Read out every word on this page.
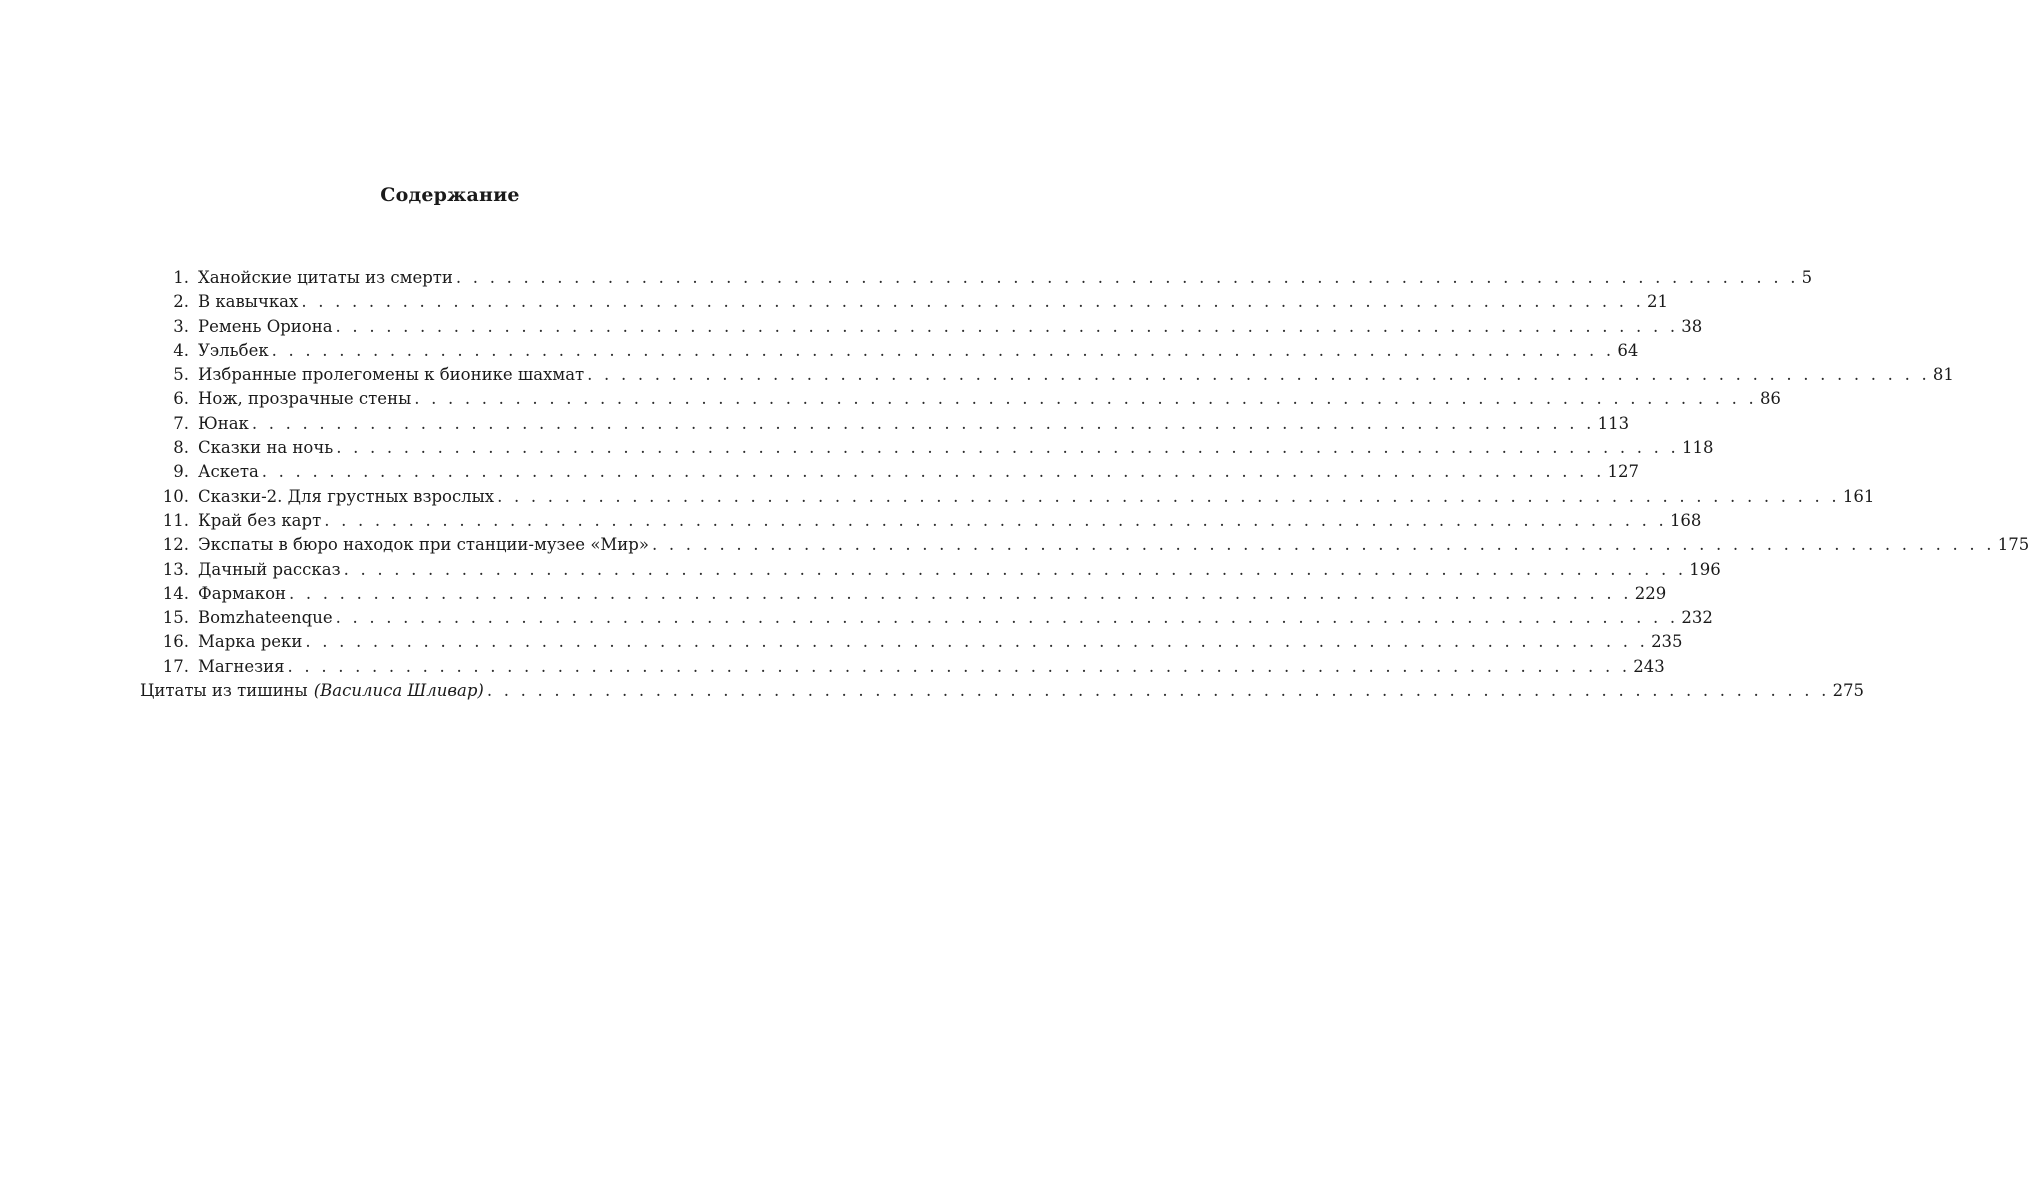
Содержание
1. Ханойские цитаты из смерти . . . . . . . . . . . . . . . . . . . . . . . . . . . . . . . . . . . . . . . . . . . . . . . . . . . . . . . . . . . . . . . . . . . . . . . . . . . . . . . . 5
2. В кавычках . . . . . . . . . . . . . . . . . . . . . . . . . . . . . . . . . . . . . . . . . . . . . . . . . . . . . . . . . . . . . . . . . . . . . . . . . . . . . . . . 21
3. Ремень Ориона . . . . . . . . . . . . . . . . . . . . . . . . . . . . . . . . . . . . . . . . . . . . . . . . . . . . . . . . . . . . . . . . . . . . . . . . . . . . . . . . 38
4. Уэльбек . . . . . . . . . . . . . . . . . . . . . . . . . . . . . . . . . . . . . . . . . . . . . . . . . . . . . . . . . . . . . . . . . . . . . . . . . . . . . . . . 64
5. Избранные пролегомены к бионике шахмат . . . . . . . . . . . . . . . . . . . . . . . . . . . . . . . . . . . . . . . . . . . . . . . . . . . . . . . . . . . . . . . . . . . . . . . . . . . . . . . . 81
6. Нож, прозрачные стены . . . . . . . . . . . . . . . . . . . . . . . . . . . . . . . . . . . . . . . . . . . . . . . . . . . . . . . . . . . . . . . . . . . . . . . . . . . . . . . . 86
7. Юнак . . . . . . . . . . . . . . . . . . . . . . . . . . . . . . . . . . . . . . . . . . . . . . . . . . . . . . . . . . . . . . . . . . . . . . . . . . . . . . . . 113
8. Сказки на ночь . . . . . . . . . . . . . . . . . . . . . . . . . . . . . . . . . . . . . . . . . . . . . . . . . . . . . . . . . . . . . . . . . . . . . . . . . . . . . . . . 118
9. Аскета . . . . . . . . . . . . . . . . . . . . . . . . . . . . . . . . . . . . . . . . . . . . . . . . . . . . . . . . . . . . . . . . . . . . . . . . . . . . . . . . 127
10. Сказки-2. Для грустных взрослых . . . . . . . . . . . . . . . . . . . . . . . . . . . . . . . . . . . . . . . . . . . . . . . . . . . . . . . . . . . . . . . . . . . . . . . . . . . . . . . . 161
11. Край без карт . . . . . . . . . . . . . . . . . . . . . . . . . . . . . . . . . . . . . . . . . . . . . . . . . . . . . . . . . . . . . . . . . . . . . . . . . . . . . . . . 168
12. Экспаты в бюро находок при станции-музее «Мир» . . . . . . . . . . . . . . . . . . . . . . . . . . . . . . . . . . . . . . . . . . . . . . . . . . . . . . . . . . . . . . . . . . . . . . . . . . . . . . . . 175
13. Дачный рассказ . . . . . . . . . . . . . . . . . . . . . . . . . . . . . . . . . . . . . . . . . . . . . . . . . . . . . . . . . . . . . . . . . . . . . . . . . . . . . . . . 196
14. Фармакон . . . . . . . . . . . . . . . . . . . . . . . . . . . . . . . . . . . . . . . . . . . . . . . . . . . . . . . . . . . . . . . . . . . . . . . . . . . . . . . . 229
15. Bomzhateenque . . . . . . . . . . . . . . . . . . . . . . . . . . . . . . . . . . . . . . . . . . . . . . . . . . . . . . . . . . . . . . . . . . . . . . . . . . . . . . . . 232
16. Марка реки . . . . . . . . . . . . . . . . . . . . . . . . . . . . . . . . . . . . . . . . . . . . . . . . . . . . . . . . . . . . . . . . . . . . . . . . . . . . . . . . 235
17. Магнезия . . . . . . . . . . . . . . . . . . . . . . . . . . . . . . . . . . . . . . . . . . . . . . . . . . . . . . . . . . . . . . . . . . . . . . . . . . . . . . . . 243
Цитаты из тишины (Василиса Шливар) . . . . . . . . . . . . . . . . . . . . . . . . . . . . . . . . . . . . . . . . . . . . . . . . . . . . . . . . . . . . . . . . . . . . . . . . . . . . . . . . 275
